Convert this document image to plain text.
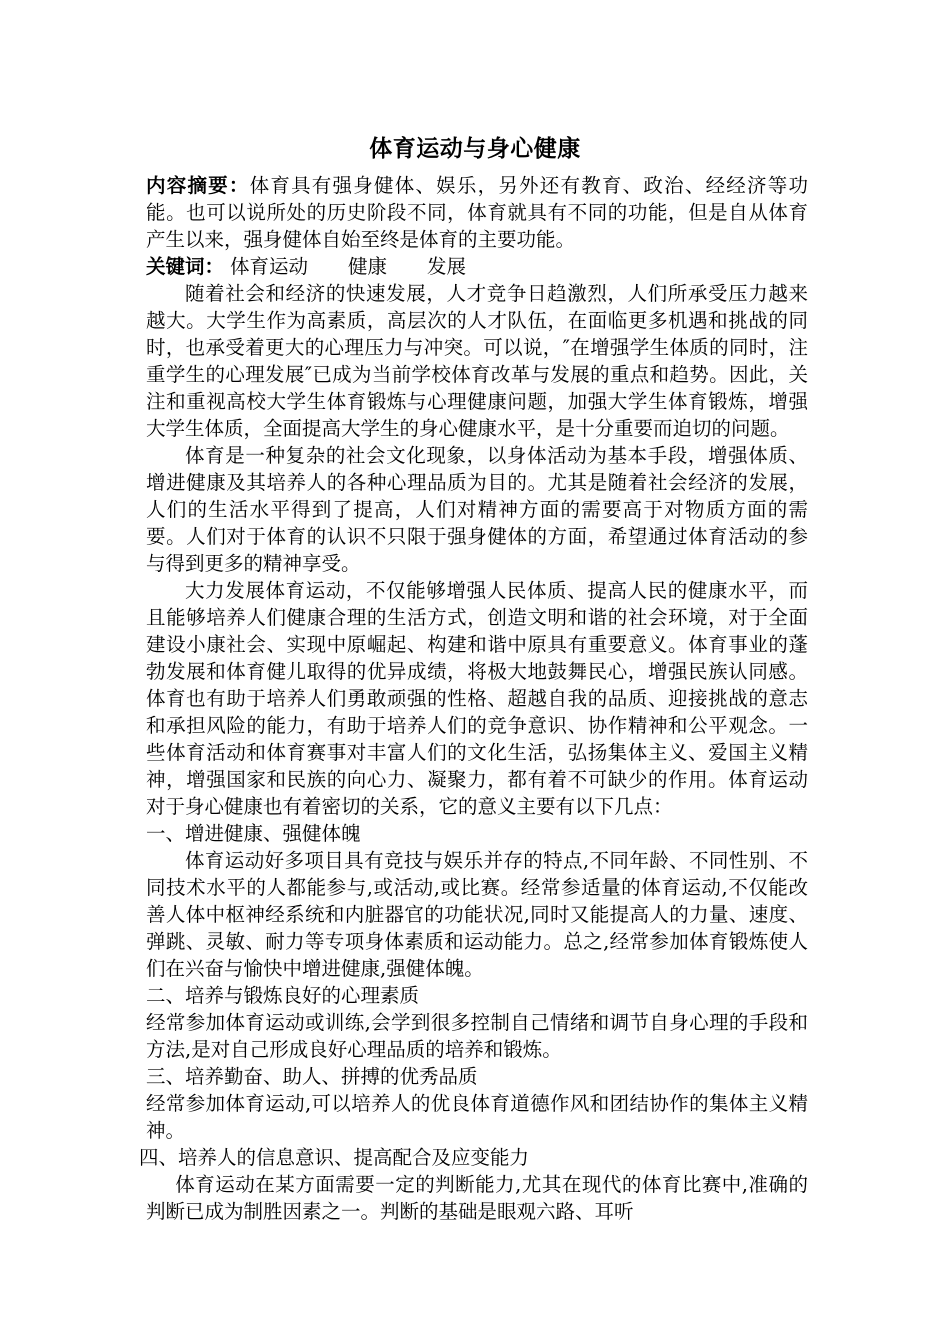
体育运动与身心健康

内容摘要：体育具有强身健体、娱乐，另外还有教育、政治、经经济等功能。也可以说所处的历史阶段不同，体育就具有不同的功能，但是自从体育产生以来，强身健体自始至终是体育的主要功能。

关键词： 体育运动 健康 发展

随着社会和经济的快速发展，人才竞争日趋激烈，人们所承受压力越来越大。大学生作为高素质，高层次的人才队伍，在面临更多机遇和挑战的同时，也承受着更大的心理压力与冲突。可以说，″在增强学生体质的同时，注重学生的心理发展″已成为当前学校体育改革与发展的重点和趋势。因此，关注和重视高校大学生体育锻炼与心理健康问题，加强大学生体育锻炼，增强大学生体质，全面提高大学生的身心健康水平，是十分重要而迫切的问题。

体育是一种复杂的社会文化现象，以身体活动为基本手段，增强体质、增进健康及其培养人的各种心理品质为目的。尤其是随着社会经济的发展，人们的生活水平得到了提高，人们对精神方面的需要高于对物质方面的需要。人们对于体育的认识不只限于强身健体的方面，希望通过体育活动的参与得到更多的精神享受。

大力发展体育运动，不仅能够增强人民体质、提高人民的健康水平，而且能够培养人们健康合理的生活方式，创造文明和谐的社会环境，对于全面建设小康社会、实现中原崛起、构建和谐中原具有重要意义。体育事业的蓬勃发展和体育健儿取得的优异成绩，将极大地鼓舞民心，增强民族认同感。体育也有助于培养人们勇敢顽强的性格、超越自我的品质、迎接挑战的意志和承担风险的能力，有助于培养人们的竞争意识、协作精神和公平观念。一些体育活动和体育赛事对丰富人们的文化生活，弘扬集体主义、爱国主义精神，增强国家和民族的向心力、凝聚力，都有着不可缺少的作用。体育运动对于身心健康也有着密切的关系，它的意义主要有以下几点：

一、增进健康、强健体魄

体育运动好多项目具有竞技与娱乐并存的特点,不同年龄、不同性别、不同技术水平的人都能参与,或活动,或比赛。经常参适量的体育运动,不仅能改善人体中枢神经系统和内脏器官的功能状况,同时又能提高人的力量、速度、弹跳、灵敏、耐力等专项身体素质和运动能力。总之,经常参加体育锻炼使人们在兴奋与愉快中增进健康,强健体魄。

二、培养与锻炼良好的心理素质

经常参加体育运动或训练,会学到很多控制自己情绪和调节自身心理的手段和方法,是对自己形成良好心理品质的培养和锻炼。

三、培养勤奋、助人、拼搏的优秀品质

经常参加体育运动,可以培养人的优良体育道德作风和团结协作的集体主义精神。

四、培养人的信息意识、提高配合及应变能力

体育运动在某方面需要一定的判断能力,尤其在现代的体育比赛中,准确的判断已成为制胜因素之一。判断的基础是眼观六路、耳听
